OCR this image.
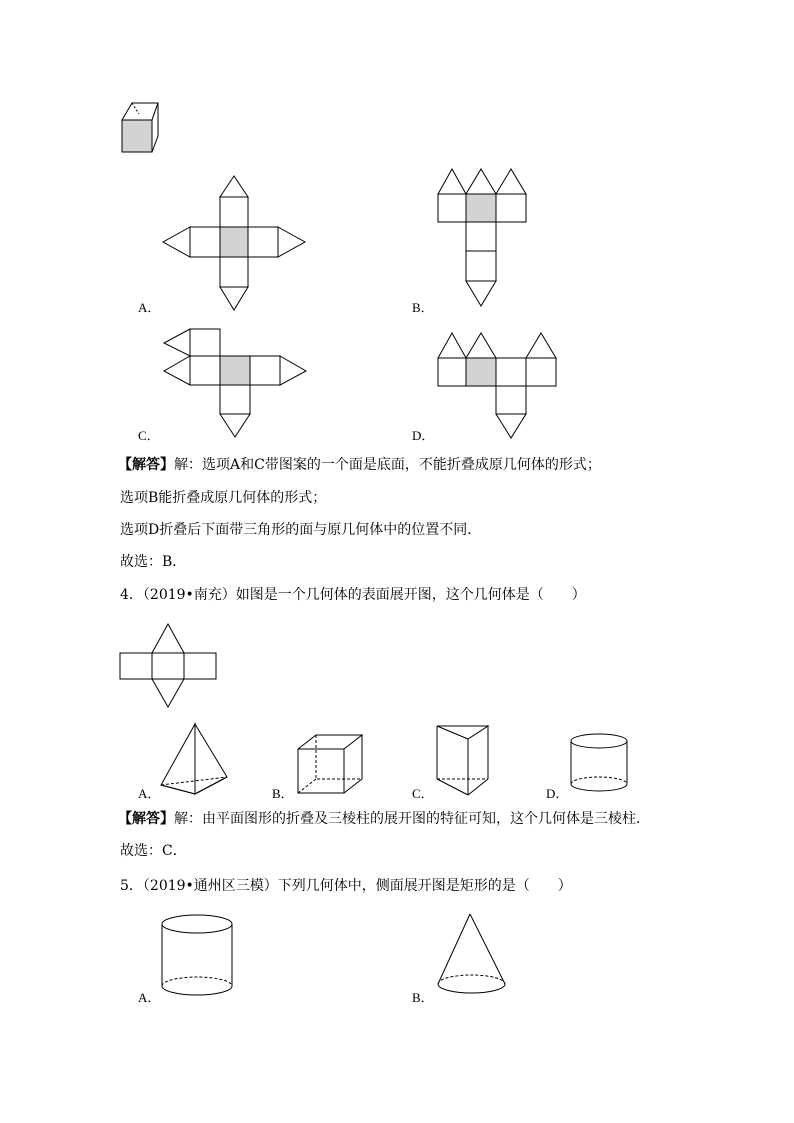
A．	B．
C．	D．
【解答】解：选项A和C带图案的一个面是底面，不能折叠成原几何体的形式；
选项B能折叠成原几何体的形式；
选项D折叠后下面带三角形的面与原几何体中的位置不同．
故选：B．
4．（2019•南充）如图是一个几何体的表面展开图，这个几何体是（　　）
A．	B．	C．	D．
【解答】解：由平面图形的折叠及三棱柱的展开图的特征可知，这个几何体是三棱柱．
故选：C．
5．（2019•通州区三模）下列几何体中，侧面展开图是矩形的是（　　）
A．	B．
